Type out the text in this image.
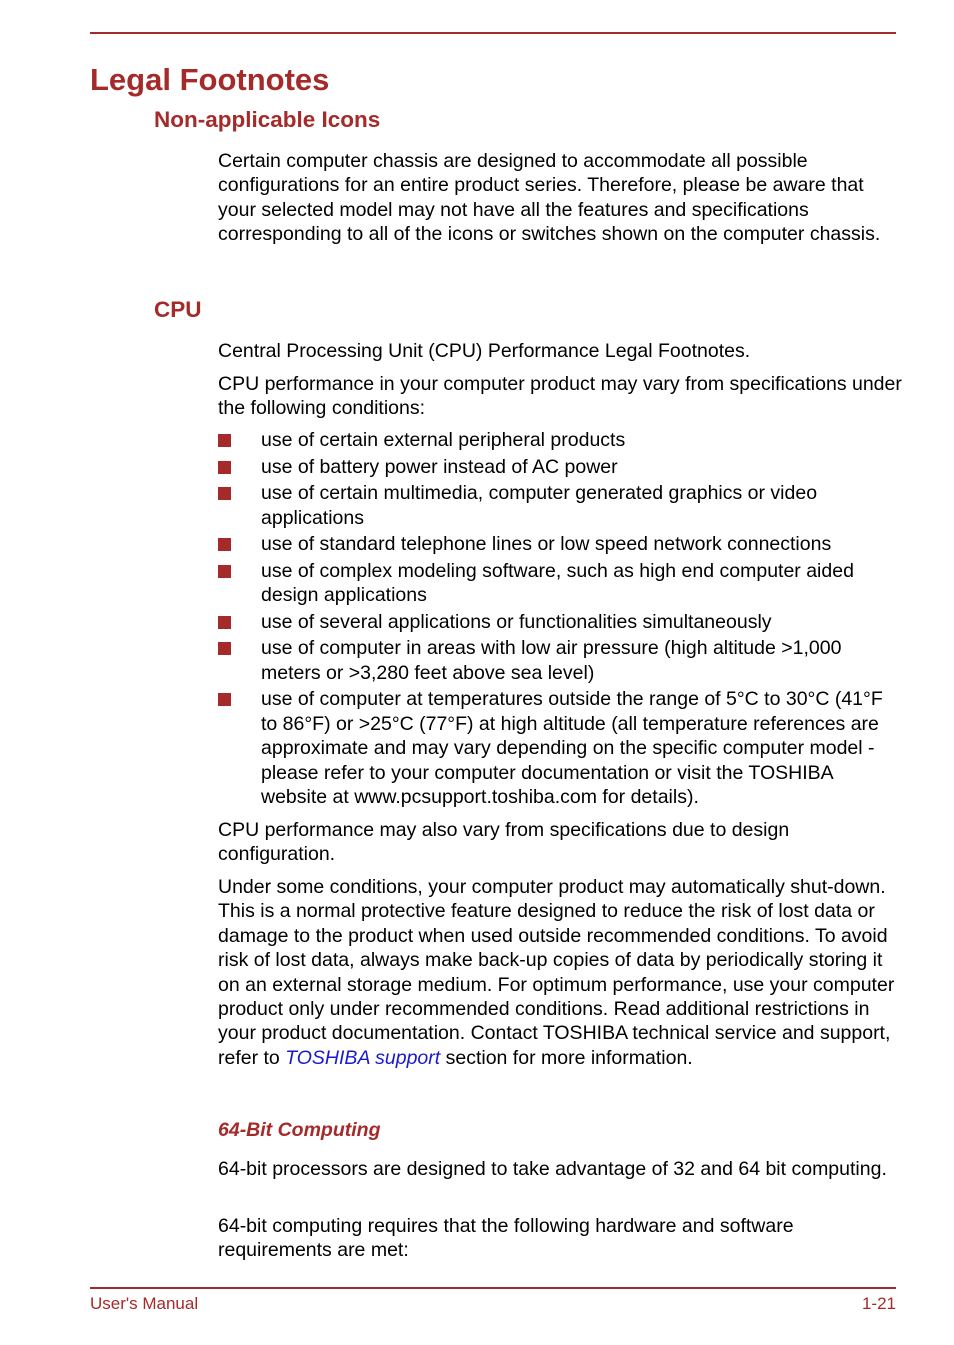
Legal Footnotes
Non-applicable Icons

Certain computer chassis are designed to accommodate all possible configurations for an entire product series. Therefore, please be aware that your selected model may not have all the features and specifications corresponding to all of the icons or switches shown on the computer chassis.

CPU

Central Processing Unit (CPU) Performance Legal Footnotes.

CPU performance in your computer product may vary from specifications under the following conditions:

use of certain external peripheral products
use of battery power instead of AC power
use of certain multimedia, computer generated graphics or video applications
use of standard telephone lines or low speed network connections
use of complex modeling software, such as high end computer aided design applications
use of several applications or functionalities simultaneously
use of computer in areas with low air pressure (high altitude >1,000 meters or >3,280 feet above sea level)
use of computer at temperatures outside the range of 5°C to 30°C (41°F to 86°F) or >25°C (77°F) at high altitude (all temperature references are approximate and may vary depending on the specific computer model - please refer to your computer documentation or visit the TOSHIBA website at www.pcsupport.toshiba.com for details).

CPU performance may also vary from specifications due to design configuration.

Under some conditions, your computer product may automatically shut-down. This is a normal protective feature designed to reduce the risk of lost data or damage to the product when used outside recommended conditions. To avoid risk of lost data, always make back-up copies of data by periodically storing it on an external storage medium. For optimum performance, use your computer product only under recommended conditions. Read additional restrictions in your product documentation. Contact TOSHIBA technical service and support, refer to TOSHIBA support section for more information.

64-Bit Computing

64-bit processors are designed to take advantage of 32 and 64 bit computing.

64-bit computing requires that the following hardware and software requirements are met:

User's Manual	1-21
